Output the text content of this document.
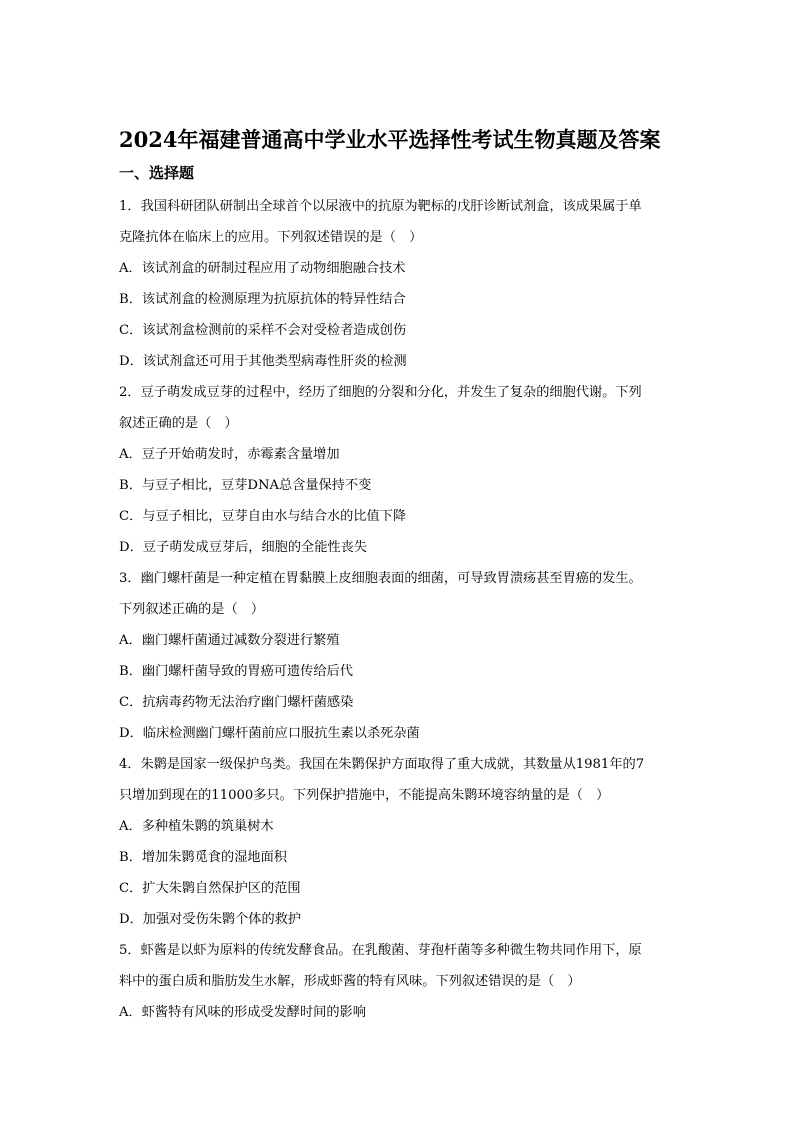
2024年福建普通高中学业水平选择性考试生物真题及答案
一、选择题
1．我国科研团队研制出全球首个以尿液中的抗原为靶标的戊肝诊断试剂盒，该成果属于单
克隆抗体在临床上的应用。下列叙述错误的是（　）
A．该试剂盒的研制过程应用了动物细胞融合技术
B．该试剂盒的检测原理为抗原抗体的特异性结合
C．该试剂盒检测前的采样不会对受检者造成创伤
D．该试剂盒还可用于其他类型病毒性肝炎的检测
2．豆子萌发成豆芽的过程中，经历了细胞的分裂和分化，并发生了复杂的细胞代谢。下列
叙述正确的是（　）
A．豆子开始萌发时，赤霉素含量增加
B．与豆子相比，豆芽DNA总含量保持不变
C．与豆子相比，豆芽自由水与结合水的比值下降
D．豆子萌发成豆芽后，细胞的全能性丧失
3．幽门螺杆菌是一种定植在胃黏膜上皮细胞表面的细菌，可导致胃溃疡甚至胃癌的发生。
下列叙述正确的是（　）
A．幽门螺杆菌通过减数分裂进行繁殖
B．幽门螺杆菌导致的胃癌可遗传给后代
C．抗病毒药物无法治疗幽门螺杆菌感染
D．临床检测幽门螺杆菌前应口服抗生素以杀死杂菌
4．朱鹮是国家一级保护鸟类。我国在朱鹮保护方面取得了重大成就，其数量从1981年的7
只增加到现在的11000多只。下列保护措施中，不能提高朱鹮环境容纳量的是（　）
A．多种植朱鹮的筑巢树木
B．增加朱鹮觅食的湿地面积
C．扩大朱鹮自然保护区的范围
D．加强对受伤朱鹮个体的救护
5．虾酱是以虾为原料的传统发酵食品。在乳酸菌、芽孢杆菌等多种微生物共同作用下，原
料中的蛋白质和脂肪发生水解，形成虾酱的特有风味。下列叙述错误的是（　）
A．虾酱特有风味的形成受发酵时间的影响
